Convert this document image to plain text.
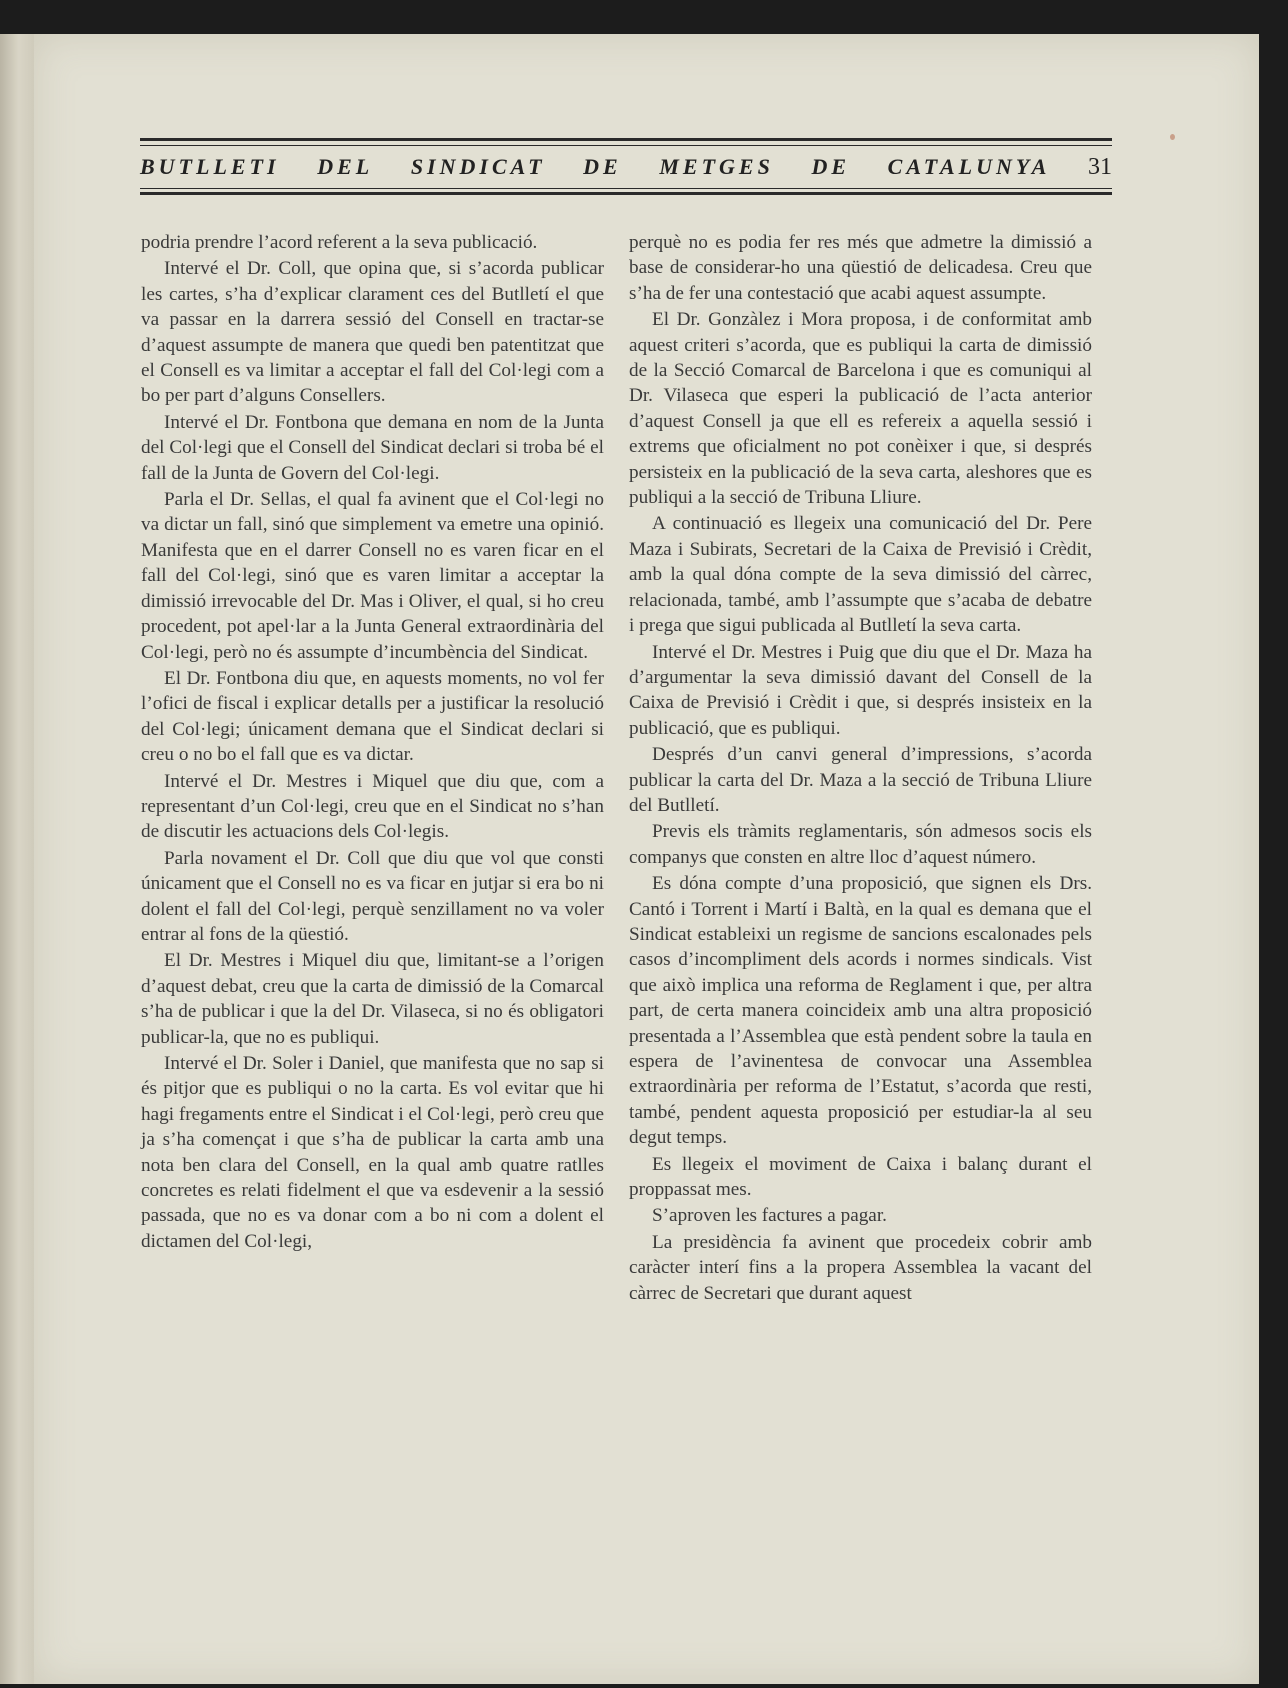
BUTLLETI DEL SINDICAT DE METGES DE CATALUNYA 31

podria prendre l’acord referent a la seva publicació.

Intervé el Dr. Coll, que opina que, si s’acorda publicar les cartes, s’ha d’explicar clarament ces del Butlletí el que va passar en la darrera sessió del Consell en tractar-se d’aquest assumpte de manera que quedi ben patentitzat que el Consell es va limitar a acceptar el fall del Col·legi com a bo per part d’alguns Consellers.

Intervé el Dr. Fontbona que demana en nom de la Junta del Col·legi que el Consell del Sindicat declari si troba bé el fall de la Junta de Govern del Col·legi.

Parla el Dr. Sellas, el qual fa avinent que el Col·legi no va dictar un fall, sinó que simplement va emetre una opinió. Manifesta que en el darrer Consell no es varen ficar en el fall del Col·legi, sinó que es varen limitar a acceptar la dimissió irrevocable del Dr. Mas i Oliver, el qual, si ho creu procedent, pot apel·lar a la Junta General extraordinària del Col·legi, però no és assumpte d’incumbència del Sindicat.

El Dr. Fontbona diu que, en aquests moments, no vol fer l’ofici de fiscal i explicar detalls per a justificar la resolució del Col·legi; únicament demana que el Sindicat declari si creu o no bo el fall que es va dictar.

Intervé el Dr. Mestres i Miquel que diu que, com a representant d’un Col·legi, creu que en el Sindicat no s’han de discutir les actuacions dels Col·legis.

Parla novament el Dr. Coll que diu que vol que consti únicament que el Consell no es va ficar en jutjar si era bo ni dolent el fall del Col·legi, perquè senzillament no va voler entrar al fons de la qüestió.

El Dr. Mestres i Miquel diu que, limitant-se a l’origen d’aquest debat, creu que la carta de dimissió de la Comarcal s’ha de publicar i que la del Dr. Vilaseca, si no és obligatori publicar-la, que no es publiqui.

Intervé el Dr. Soler i Daniel, que manifesta que no sap si és pitjor que es publiqui o no la carta. Es vol evitar que hi hagi fregaments entre el Sindicat i el Col·legi, però creu que ja s’ha començat i que s’ha de publicar la carta amb una nota ben clara del Consell, en la qual amb quatre ratlles concretes es relati fidelment el que va esdevenir a la sessió passada, que no es va donar com a bo ni com a dolent el dictamen del Col·legi,

perquè no es podia fer res més que admetre la dimissió a base de considerar-ho una qüestió de delicadesa. Creu que s’ha de fer una contestació que acabi aquest assumpte.

El Dr. Gonzàlez i Mora proposa, i de conformitat amb aquest criteri s’acorda, que es publiqui la carta de dimissió de la Secció Comarcal de Barcelona i que es comuniqui al Dr. Vilaseca que esperi la publicació de l’acta anterior d’aquest Consell ja que ell es refereix a aquella sessió i extrems que oficialment no pot conèixer i que, si després persisteix en la publicació de la seva carta, aleshores que es publiqui a la secció de Tribuna Lliure.

A continuació es llegeix una comunicació del Dr. Pere Maza i Subirats, Secretari de la Caixa de Previsió i Crèdit, amb la qual dóna compte de la seva dimissió del càrrec, relacionada, també, amb l’assumpte que s’acaba de debatre i prega que sigui publicada al Butlletí la seva carta.

Intervé el Dr. Mestres i Puig que diu que el Dr. Maza ha d’argumentar la seva dimissió davant del Consell de la Caixa de Previsió i Crèdit i que, si després insisteix en la publicació, que es publiqui.

Després d’un canvi general d’impressions, s’acorda publicar la carta del Dr. Maza a la secció de Tribuna Lliure del Butlletí.

Previs els tràmits reglamentaris, són admesos socis els companys que consten en altre lloc d’aquest número.

Es dóna compte d’una proposició, que signen els Drs. Cantó i Torrent i Martí i Baltà, en la qual es demana que el Sindicat estableixi un regisme de sancions escalonades pels casos d’incompliment dels acords i normes sindicals. Vist que això implica una reforma de Reglament i que, per altra part, de certa manera coincideix amb una altra proposició presentada a l’Assemblea que està pendent sobre la taula en espera de l’avinentesa de convocar una Assemblea extraordinària per reforma de l’Estatut, s’acorda que resti, també, pendent aquesta proposició per estudiar-la al seu degut temps.

Es llegeix el moviment de Caixa i balanç durant el proppassat mes.

S’aproven les factures a pagar.

La presidència fa avinent que procedeix cobrir amb caràcter interí fins a la propera Assemblea la vacant del càrrec de Secretari que durant aquest
